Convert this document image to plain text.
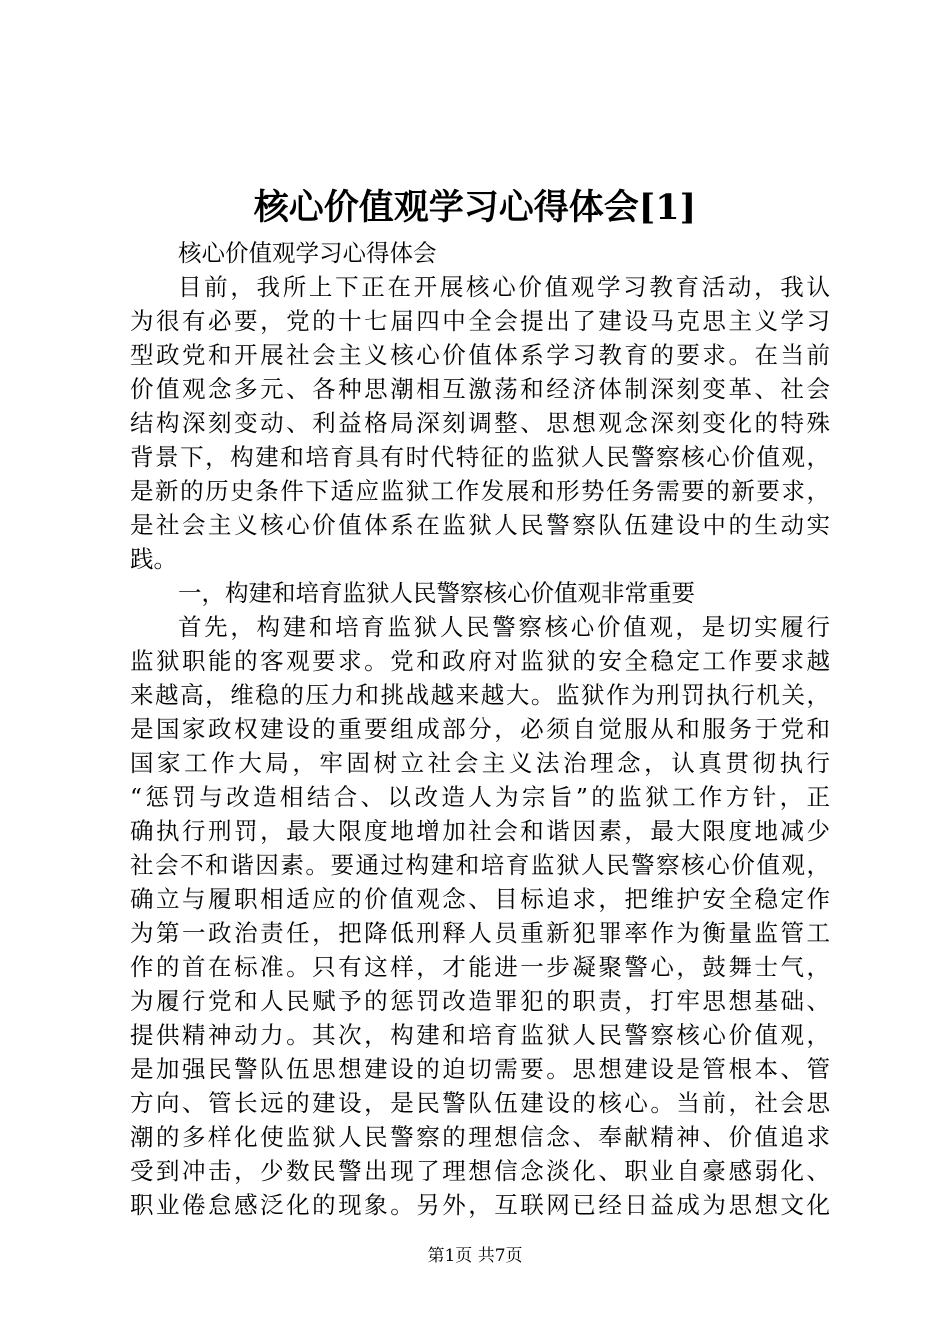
核心价值观学习心得体会[1]
核心价值观学习心得体会
目前，我所上下正在开展核心价值观学习教育活动，我认
为很有必要，党的十七届四中全会提出了建设马克思主义学习
型政党和开展社会主义核心价值体系学习教育的要求。在当前
价值观念多元、各种思潮相互激荡和经济体制深刻变革、社会
结构深刻变动、利益格局深刻调整、思想观念深刻变化的特殊
背景下，构建和培育具有时代特征的监狱人民警察核心价值观，
是新的历史条件下适应监狱工作发展和形势任务需要的新要求，
是社会主义核心价值体系在监狱人民警察队伍建设中的生动实
践。
一，构建和培育监狱人民警察核心价值观非常重要
首先，构建和培育监狱人民警察核心价值观，是切实履行
监狱职能的客观要求。党和政府对监狱的安全稳定工作要求越
来越高，维稳的压力和挑战越来越大。监狱作为刑罚执行机关，
是国家政权建设的重要组成部分，必须自觉服从和服务于党和
国家工作大局，牢固树立社会主义法治理念，认真贯彻执行
“惩罚与改造相结合、以改造人为宗旨”的监狱工作方针，正
确执行刑罚，最大限度地增加社会和谐因素，最大限度地减少
社会不和谐因素。要通过构建和培育监狱人民警察核心价值观，
确立与履职相适应的价值观念、目标追求，把维护安全稳定作
为第一政治责任，把降低刑释人员重新犯罪率作为衡量监管工
作的首在标准。只有这样，才能进一步凝聚警心，鼓舞士气，
为履行党和人民赋予的惩罚改造罪犯的职责，打牢思想基础、
提供精神动力。其次，构建和培育监狱人民警察核心价值观，
是加强民警队伍思想建设的迫切需要。思想建设是管根本、管
方向、管长远的建设，是民警队伍建设的核心。当前，社会思
潮的多样化使监狱人民警察的理想信念、奉献精神、价值追求
受到冲击，少数民警出现了理想信念淡化、职业自豪感弱化、
职业倦怠感泛化的现象。另外，互联网已经日益成为思想文化
第1页 共7页
